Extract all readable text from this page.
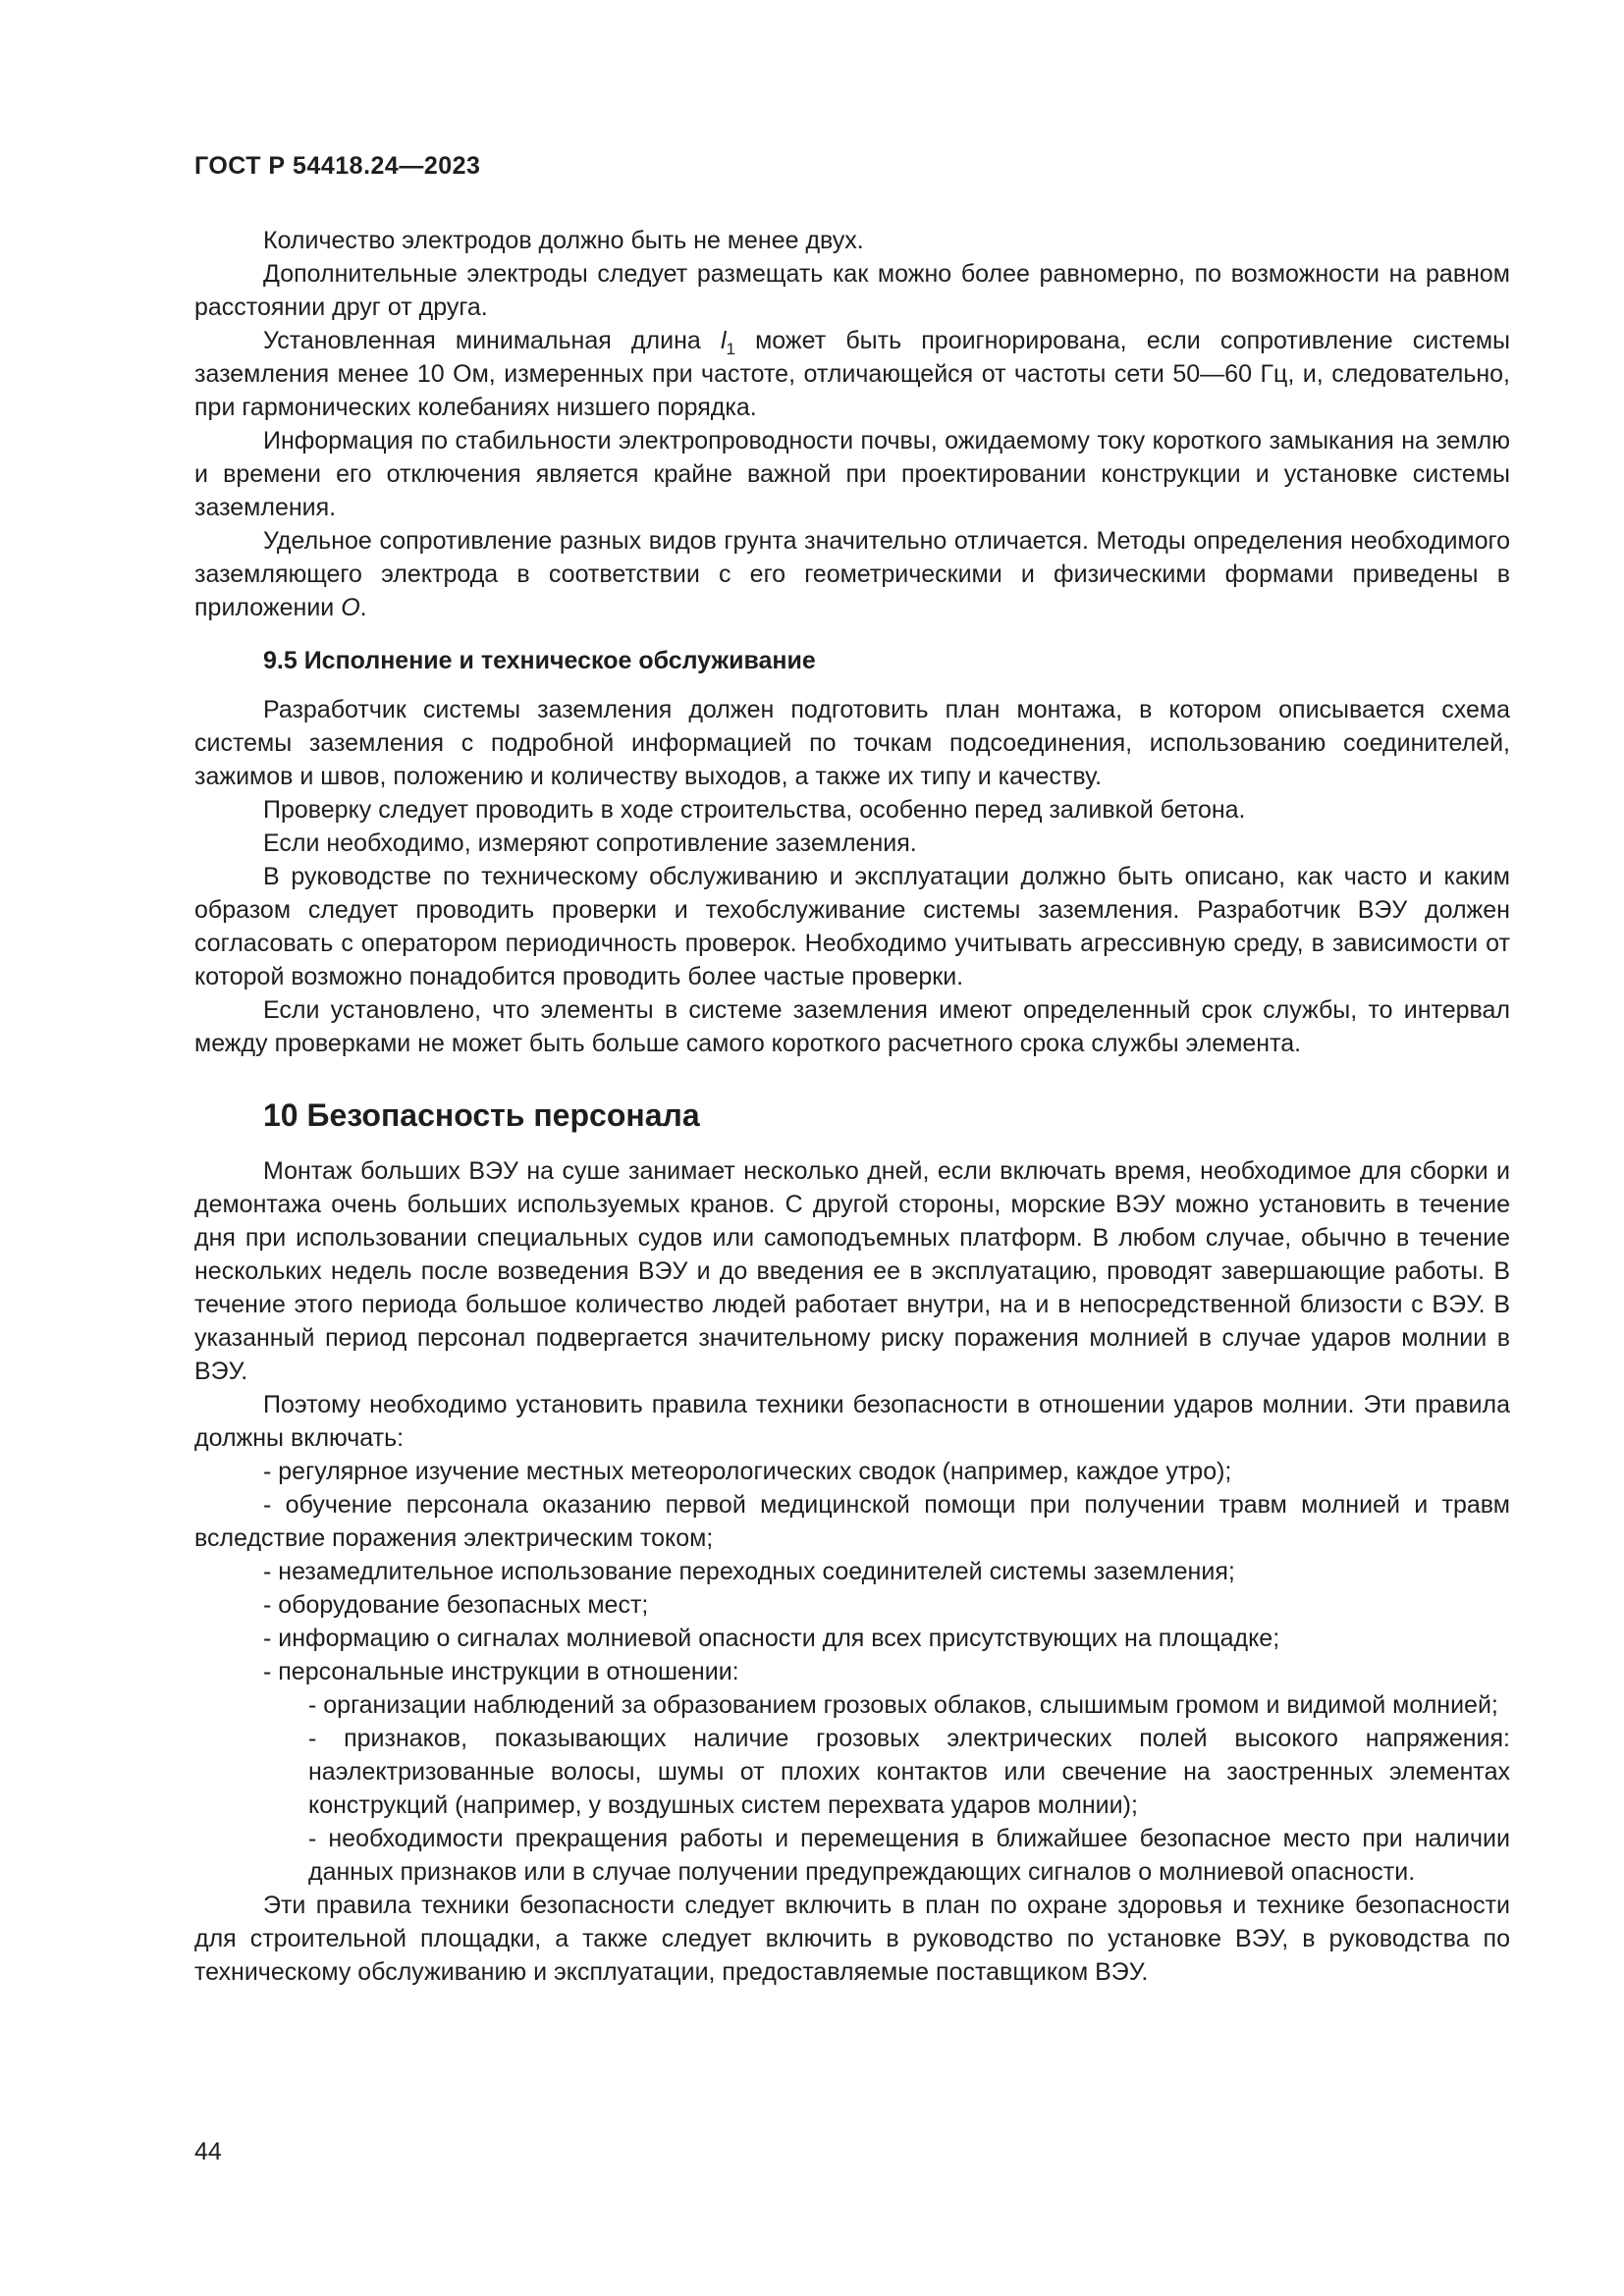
ГОСТ Р 54418.24—2023

Количество электродов должно быть не менее двух.

Дополнительные электроды следует размещать как можно более равномерно, по возможности на равном расстоянии друг от друга.

Установленная минимальная длина $l_1$ может быть проигнорирована, если сопротивление системы заземления менее 10 Ом, измеренных при частоте, отличающейся от частоты сети 50—60 Гц, и, следовательно, при гармонических колебаниях низшего порядка.

Информация по стабильности электропроводности почвы, ожидаемому току короткого замыкания на землю и времени его отключения является крайне важной при проектировании конструкции и установке системы заземления.

Удельное сопротивление разных видов грунта значительно отличается. Методы определения необходимого заземляющего электрода в соответствии с его геометрическими и физическими формами приведены в приложении О.

9.5 Исполнение и техническое обслуживание

Разработчик системы заземления должен подготовить план монтажа, в котором описывается схема системы заземления с подробной информацией по точкам подсоединения, использованию соединителей, зажимов и швов, положению и количеству выходов, а также их типу и качеству.

Проверку следует проводить в ходе строительства, особенно перед заливкой бетона.

Если необходимо, измеряют сопротивление заземления.

В руководстве по техническому обслуживанию и эксплуатации должно быть описано, как часто и каким образом следует проводить проверки и техобслуживание системы заземления. Разработчик ВЭУ должен согласовать с оператором периодичность проверок. Необходимо учитывать агрессивную среду, в зависимости от которой возможно понадобится проводить более частые проверки.

Если установлено, что элементы в системе заземления имеют определенный срок службы, то интервал между проверками не может быть больше самого короткого расчетного срока службы элемента.

10 Безопасность персонала

Монтаж больших ВЭУ на суше занимает несколько дней, если включать время, необходимое для сборки и демонтажа очень больших используемых кранов. С другой стороны, морские ВЭУ можно установить в течение дня при использовании специальных судов или самоподъемных платформ. В любом случае, обычно в течение нескольких недель после возведения ВЭУ и до введения ее в эксплуатацию, проводят завершающие работы. В течение этого периода большое количество людей работает внутри, на и в непосредственной близости с ВЭУ. В указанный период персонал подвергается значительному риску поражения молнией в случае ударов молнии в ВЭУ.

Поэтому необходимо установить правила техники безопасности в отношении ударов молнии. Эти правила должны включать:

- регулярное изучение местных метеорологических сводок (например, каждое утро);

- обучение персонала оказанию первой медицинской помощи при получении травм молнией и травм вследствие поражения электрическим током;

- незамедлительное использование переходных соединителей системы заземления;

- оборудование безопасных мест;

- информацию о сигналах молниевой опасности для всех присутствующих на площадке;

- персональные инструкции в отношении:

- организации наблюдений за образованием грозовых облаков, слышимым громом и видимой молнией;

- признаков, показывающих наличие грозовых электрических полей высокого напряжения: наэлектризованные волосы, шумы от плохих контактов или свечение на заостренных элементах конструкций (например, у воздушных систем перехвата ударов молнии);

- необходимости прекращения работы и перемещения в ближайшее безопасное место при наличии данных признаков или в случае получении предупреждающих сигналов о молниевой опасности.

Эти правила техники безопасности следует включить в план по охране здоровья и технике безопасности для строительной площадки, а также следует включить в руководство по установке ВЭУ, в руководства по техническому обслуживанию и эксплуатации, предоставляемые поставщиком ВЭУ.

44
